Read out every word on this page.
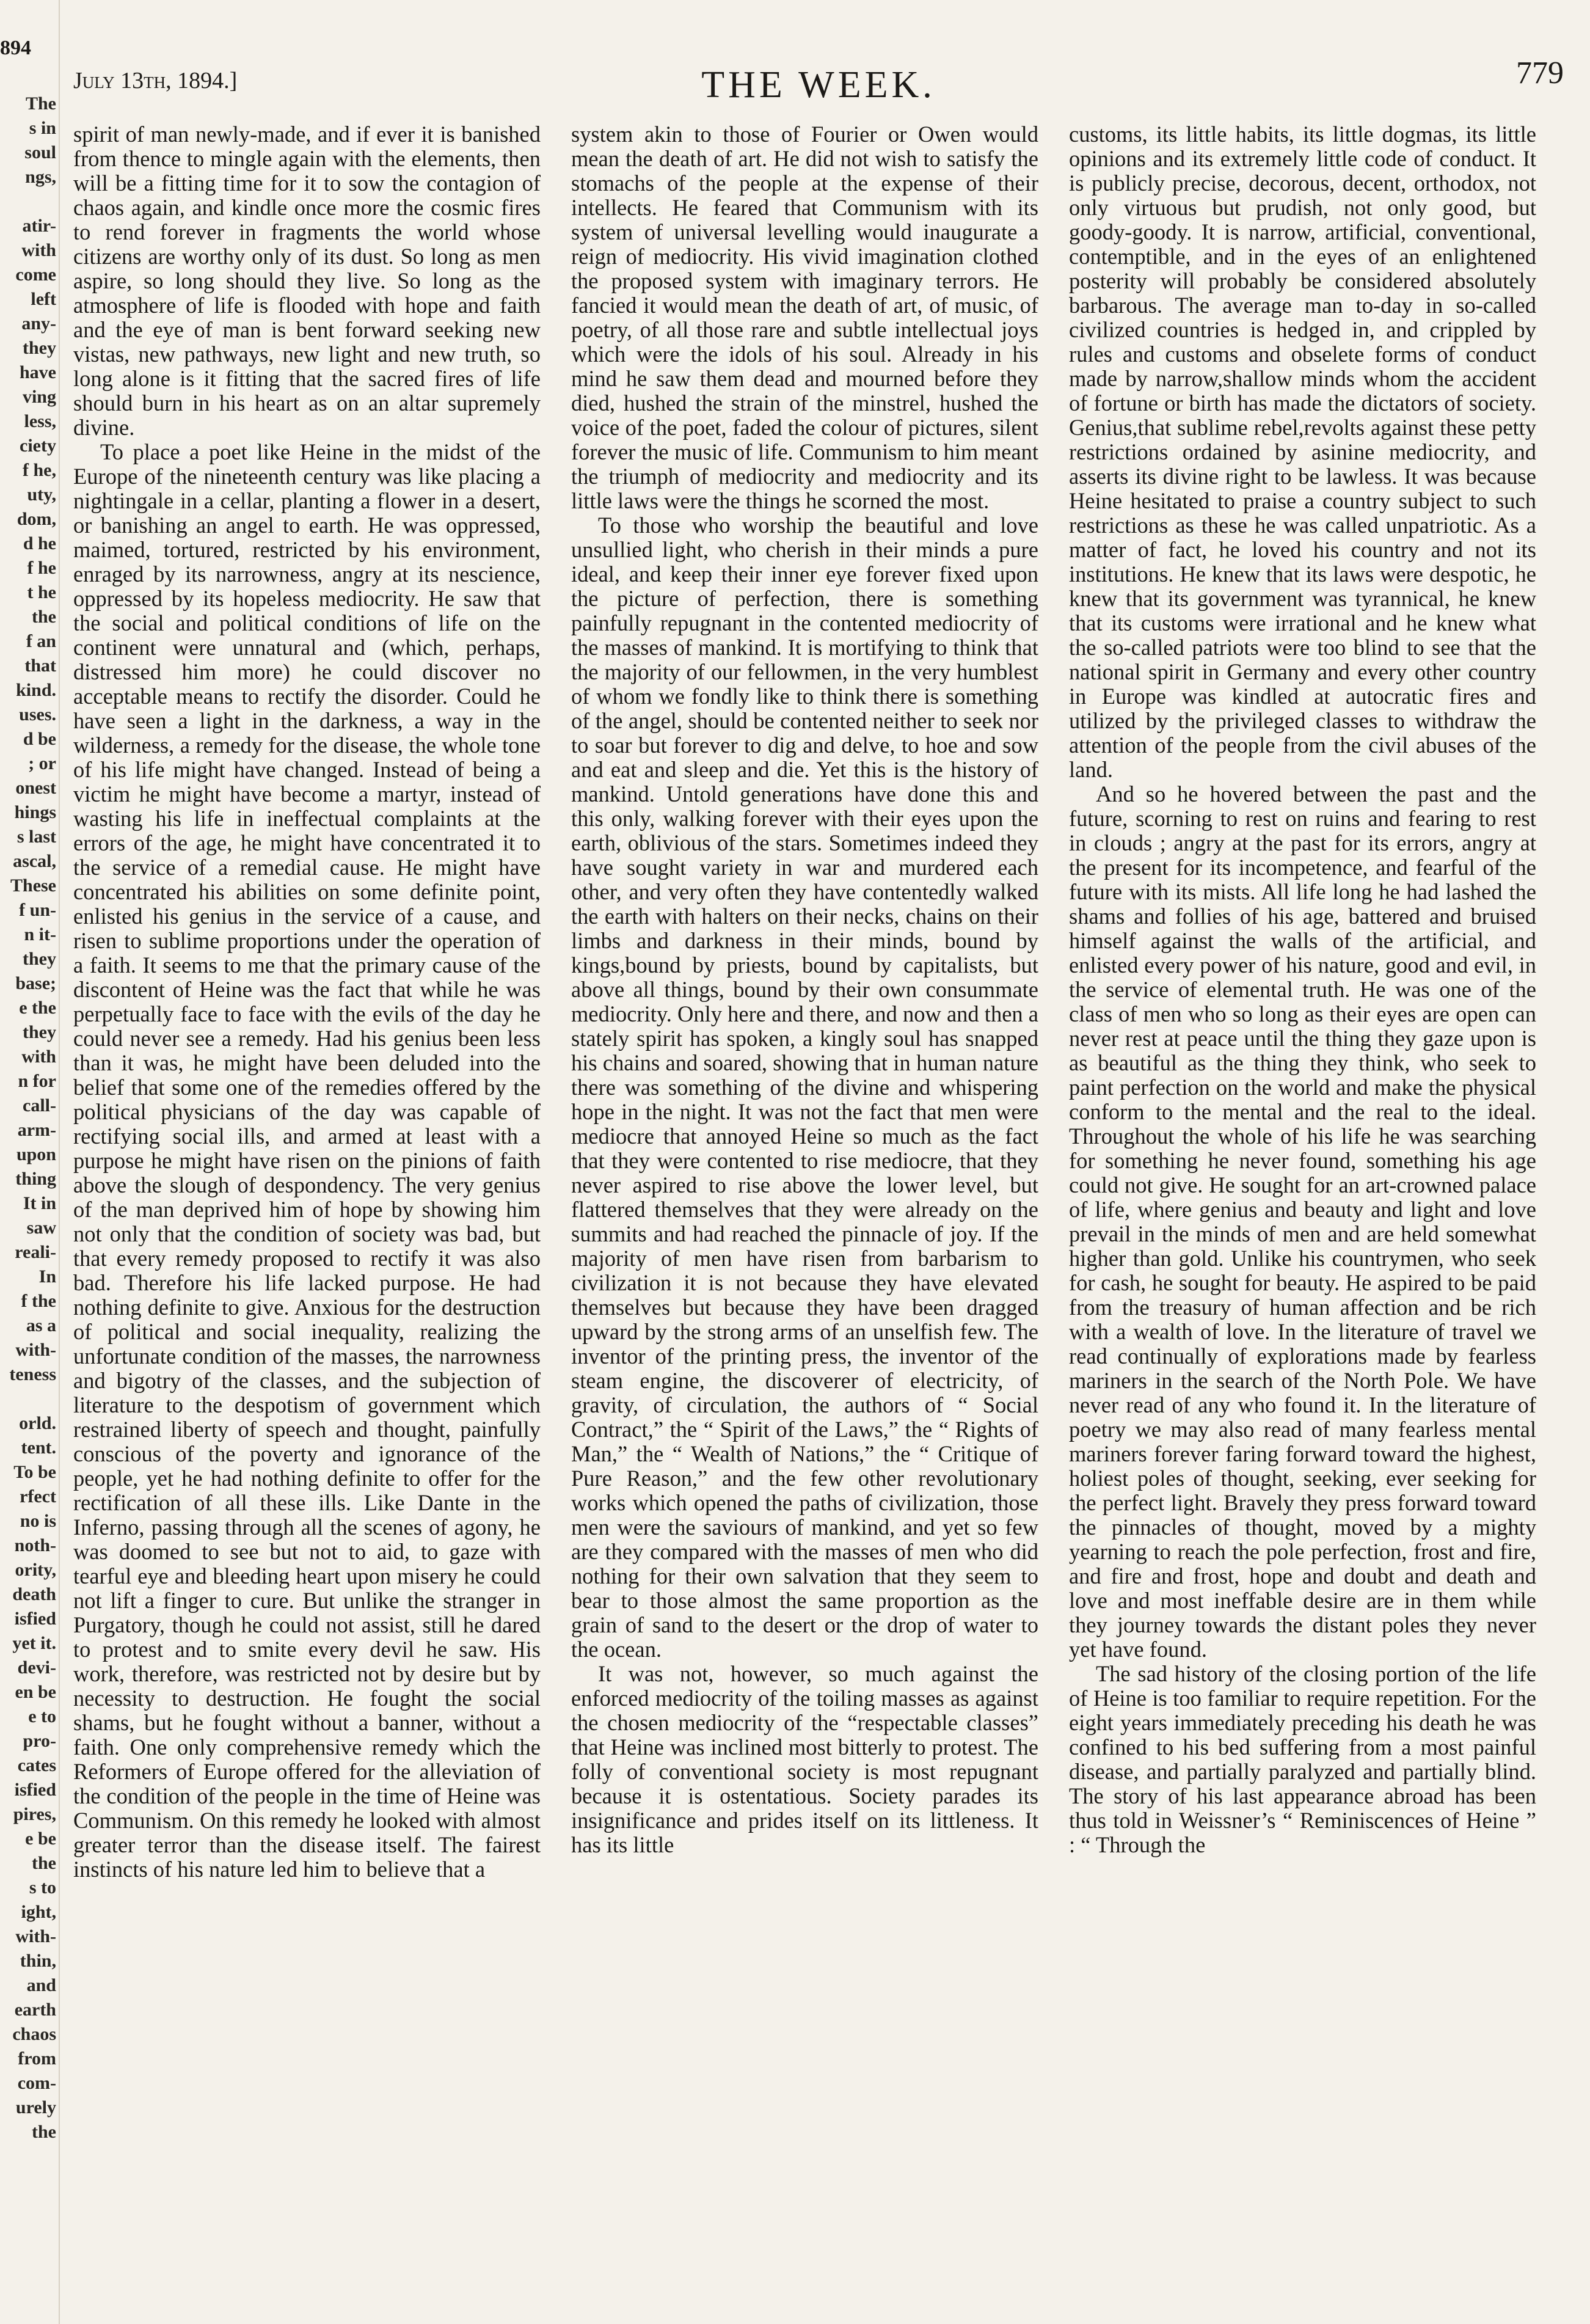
894
The
s in
soul
ngs,

atir-
with
come
left
any-
they
have
ving
less,
ciety
f he,
uty,
dom,
d he
f he
t he
the
f an
that
kind.
uses.
d be
; or
onest
hings
s last
ascal,
These
f un-
n it-
they
base;
e the
they
with
n for
call-
arm-
upon
thing
It in
saw
reali-
In
f the
as a
with-
teness

orld.
tent.
To be
rfect
no is
noth-
ority,
death
isfied
yet it.
devi-
en be
e to
pro-
cates
isfied
pires,
e be
the
s to
ight,
with-
thin,
and
earth
chaos
from
com-
urely
the
July 13th, 1894.]	THE WEEK.	779

spirit of man newly-made, and if ever it is banished from thence to mingle again with the elements, then will be a fitting time for it to sow the contagion of chaos again, and kindle once more the cosmic fires to rend forever in fragments the world whose citizens are worthy only of its dust. So long as men aspire, so long should they live. So long as the atmosphere of life is flooded with hope and faith and the eye of man is bent forward seeking new vistas, new pathways, new light and new truth, so long alone is it fitting that the sacred fires of life should burn in his heart as on an altar supremely divine.

To place a poet like Heine in the midst of the Europe of the nineteenth century was like placing a nightingale in a cellar, planting a flower in a desert, or banishing an angel to earth. He was oppressed, maimed, tortured, restricted by his environment, enraged by its narrowness, angry at its nescience, oppressed by its hopeless mediocrity. He saw that the social and political conditions of life on the continent were unnatural and (which, perhaps, distressed him more) he could discover no acceptable means to rectify the disorder. Could he have seen a light in the darkness, a way in the wilderness, a remedy for the disease, the whole tone of his life might have changed. Instead of being a victim he might have become a martyr, instead of wasting his life in ineffectual complaints at the errors of the age, he might have concentrated it to the service of a remedial cause. He might have concentrated his abilities on some definite point, enlisted his genius in the service of a cause, and risen to sublime proportions under the operation of a faith. It seems to me that the primary cause of the discontent of Heine was the fact that while he was perpetually face to face with the evils of the day he could never see a remedy. Had his genius been less than it was, he might have been deluded into the belief that some one of the remedies offered by the political physicians of the day was capable of rectifying social ills, and armed at least with a purpose he might have risen on the pinions of faith above the slough of despondency. The very genius of the man deprived him of hope by showing him not only that the condition of society was bad, but that every remedy proposed to rectify it was also bad. Therefore his life lacked purpose. He had nothing definite to give. Anxious for the destruction of political and social inequality, realizing the unfortunate condition of the masses, the narrowness and bigotry of the classes, and the subjection of literature to the despotism of government which restrained liberty of speech and thought, painfully conscious of the poverty and ignorance of the people, yet he had nothing definite to offer for the rectification of all these ills. Like Dante in the Inferno, passing through all the scenes of agony, he was doomed to see but not to aid, to gaze with tearful eye and bleeding heart upon misery he could not lift a finger to cure. But unlike the stranger in Purgatory, though he could not assist, still he dared to protest and to smite every devil he saw. His work, therefore, was restricted not by desire but by necessity to destruction. He fought the social shams, but he fought without a banner, without a faith. One only comprehensive remedy which the Reformers of Europe offered for the alleviation of the condition of the people in the time of Heine was Communism. On this remedy he looked with almost greater terror than the disease itself. The fairest instincts of his nature led him to believe that a

system akin to those of Fourier or Owen would mean the death of art. He did not wish to satisfy the stomachs of the people at the expense of their intellects. He feared that Communism with its system of universal levelling would inaugurate a reign of mediocrity. His vivid imagination clothed the proposed system with imaginary terrors. He fancied it would mean the death of art, of music, of poetry, of all those rare and subtle intellectual joys which were the idols of his soul. Already in his mind he saw them dead and mourned before they died, hushed the strain of the minstrel, hushed the voice of the poet, faded the colour of pictures, silent forever the music of life. Communism to him meant the triumph of mediocrity and mediocrity and its little laws were the things he scorned the most.

To those who worship the beautiful and love unsullied light, who cherish in their minds a pure ideal, and keep their inner eye forever fixed upon the picture of perfection, there is something painfully repugnant in the contented mediocrity of the masses of mankind. It is mortifying to think that the majority of our fellowmen, in the very humblest of whom we fondly like to think there is something of the angel, should be contented neither to seek nor to soar but forever to dig and delve, to hoe and sow and eat and sleep and die. Yet this is the history of mankind. Untold generations have done this and this only, walking forever with their eyes upon the earth, oblivious of the stars. Sometimes indeed they have sought variety in war and murdered each other, and very often they have contentedly walked the earth with halters on their necks, chains on their limbs and darkness in their minds, bound by kings,bound by priests, bound by capitalists, but above all things, bound by their own consummate mediocrity. Only here and there, and now and then a stately spirit has spoken, a kingly soul has snapped his chains and soared, showing that in human nature there was something of the divine and whispering hope in the night. It was not the fact that men were mediocre that annoyed Heine so much as the fact that they were contented to rise mediocre, that they never aspired to rise above the lower level, but flattered themselves that they were already on the summits and had reached the pinnacle of joy. If the majority of men have risen from barbarism to civilization it is not because they have elevated themselves but because they have been dragged upward by the strong arms of an unselfish few. The inventor of the printing press, the inventor of the steam engine, the discoverer of electricity, of gravity, of circulation, the authors of “ Social Contract,” the “ Spirit of the Laws,” the “ Rights of Man,” the “ Wealth of Nations,” the “ Critique of Pure Reason,” and the few other revolutionary works which opened the paths of civilization, those men were the saviours of mankind, and yet so few are they compared with the masses of men who did nothing for their own salvation that they seem to bear to those almost the same proportion as the grain of sand to the desert or the drop of water to the ocean.

It was not, however, so much against the enforced mediocrity of the toiling masses as against the chosen mediocrity of the “respectable classes” that Heine was inclined most bitterly to protest. The folly of conventional society is most repugnant because it is ostentatious. Society parades its insignificance and prides itself on its littleness. It has its little

customs, its little habits, its little dogmas, its little opinions and its extremely little code of conduct. It is publicly precise, decorous, decent, orthodox, not only virtuous but prudish, not only good, but goody-goody. It is narrow, artificial, conventional, contemptible, and in the eyes of an enlightened posterity will probably be considered absolutely barbarous. The average man to-day in so-called civilized countries is hedged in, and crippled by rules and customs and obselete forms of conduct made by narrow,shallow minds whom the accident of fortune or birth has made the dictators of society. Genius,that sublime rebel,revolts against these petty restrictions ordained by asinine mediocrity, and asserts its divine right to be lawless. It was because Heine hesitated to praise a country subject to such restrictions as these he was called unpatriotic. As a matter of fact, he loved his country and not its institutions. He knew that its laws were despotic, he knew that its government was tyrannical, he knew that its customs were irrational and he knew what the so-called patriots were too blind to see that the national spirit in Germany and every other country in Europe was kindled at autocratic fires and utilized by the privileged classes to withdraw the attention of the people from the civil abuses of the land.

And so he hovered between the past and the future, scorning to rest on ruins and fearing to rest in clouds ; angry at the past for its errors, angry at the present for its incompetence, and fearful of the future with its mists. All life long he had lashed the shams and follies of his age, battered and bruised himself against the walls of the artificial, and enlisted every power of his nature, good and evil, in the service of elemental truth. He was one of the class of men who so long as their eyes are open can never rest at peace until the thing they gaze upon is as beautiful as the thing they think, who seek to paint perfection on the world and make the physical conform to the mental and the real to the ideal. Throughout the whole of his life he was searching for something he never found, something his age could not give. He sought for an art-crowned palace of life, where genius and beauty and light and love prevail in the minds of men and are held somewhat higher than gold. Unlike his countrymen, who seek for cash, he sought for beauty. He aspired to be paid from the treasury of human affection and be rich with a wealth of love. In the literature of travel we read continually of explorations made by fearless mariners in the search of the North Pole. We have never read of any who found it. In the literature of poetry we may also read of many fearless mental mariners forever faring forward toward the highest, holiest poles of thought, seeking, ever seeking for the perfect light. Bravely they press forward toward the pinnacles of thought, moved by a mighty yearning to reach the pole perfection, frost and fire, and fire and frost, hope and doubt and death and love and most ineffable desire are in them while they journey towards the distant poles they never yet have found.

The sad history of the closing portion of the life of Heine is too familiar to require repetition. For the eight years immediately preceding his death he was confined to his bed suffering from a most painful disease, and partially paralyzed and partially blind. The story of his last appearance abroad has been thus told in Weissner’s “ Reminiscences of Heine ” : “ Through the
